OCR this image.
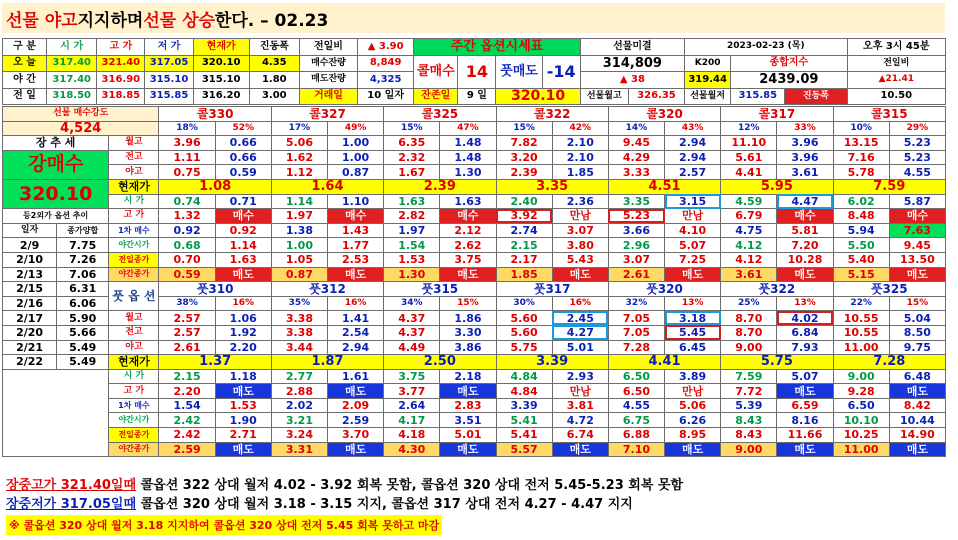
선물 야고 지지하며 선물 상승 한다. – 02.23
구 분	시 가	고 가	저 가	현재가	진동폭	전일비	▲ 3.90	주간 옵션시세표				선물미결		2023-02-23 (목)			오후 3시 45분
오 늘	317.40	321.40	317.05	320.10	4.35	매수잔량	8,849	콜매수	14	풋매도	-14	314,809		K200	종합지수		전일비
야 간	317.40	316.90	315.10	315.10	1.80	매도잔량	4,325					▲ 38		319.44	2439.09		▲21.41
전 일	318.50	318.85	315.85	316.20	3.00	거래일	10 일자	잔존일	9 일	320.10		선물월고	326.35	선물월저	315.85	진동폭	10.50
선물 매수강도			콜330		콜327		콜325		콜322		콜320		콜317		콜315	
4,524			18%	52%	17%	49%	15%	47%	15%	42%	14%	43%	12%	33%	10%	29%
장 추 세		월고	3.96	0.66	5.06	1.00	6.35	1.48	7.82	2.10	9.45	2.94	11.10	3.96	13.15	5.23
강매수		전고	1.11	0.66	1.62	1.00	2.32	1.48	3.20	2.10	4.29	2.94	5.61	3.96	7.16	5.23
		야고	0.75	0.59	1.12	0.87	1.67	1.30	2.39	1.85	3.33	2.57	4.41	3.61	5.78	4.55
320.10		현재가	1.08		1.64		2.39		3.35		4.51		5.95		7.59	
		시 가	0.74	0.71	1.14	1.10	1.63	1.63	2.40	2.36	3.35	3.15	4.59	4.47	6.02	5.87
등2외가 옵션 추이		고 가	1.32	매수	1.97	매수	2.82	매수	3.92	만남	5.23	만남	6.79	매수	8.48	매수
일자	종가양합	1차 매수	0.92	0.92	1.38	1.43	1.97	2.12	2.74	3.07	3.66	4.10	4.75	5.81	5.94	7.63
2/9	7.75	야간시가	0.68	1.14	1.00	1.77	1.54	2.62	2.15	3.80	2.96	5.07	4.12	7.20	5.50	9.45
2/10	7.26	전일종가	0.70	1.63	1.05	2.53	1.53	3.75	2.17	5.43	3.07	7.25	4.12	10.28	5.40	13.50
2/13	7.06	야간종가	0.59	매도	0.87	매도	1.30	매도	1.85	매도	2.61	매도	3.61	매도	5.15	매도
2/15	6.31	풋 옵 션	풋310		풋312		풋315		풋317		풋320		풋322		풋325	
2/16	6.06		38%	16%	35%	16%	34%	15%	30%	16%	32%	13%	25%	13%	22%	15%
2/17	5.90	월고	2.57	1.06	3.38	1.41	4.37	1.86	5.60	2.45	7.05	3.18	8.70	4.02	10.55	5.04
2/20	5.66	전고	2.57	1.92	3.38	2.54	4.37	3.30	5.60	4.27	7.05	5.45	8.70	6.84	10.55	8.50
2/21	5.49	야고	2.61	2.20	3.44	2.94	4.49	3.86	5.75	5.01	7.28	6.45	9.00	7.93	11.00	9.75
2/22	5.49	현재가	1.37		1.87		2.50		3.39		4.41		5.75		7.28	
		시 가	2.15	1.18	2.77	1.61	3.75	2.18	4.84	2.93	6.50	3.89	7.59	5.07	9.00	6.48
		고 가	2.20	매도	2.88	매도	3.77	매도	4.84	만남	6.50	만남	7.72	매도	9.28	매도
		1차 매수	1.54	1.53	2.02	2.09	2.64	2.83	3.39	3.81	4.55	5.06	5.39	6.59	6.50	8.42
		야간시가	2.42	1.90	3.21	2.59	4.17	3.51	5.41	4.72	6.75	6.26	8.43	8.16	10.10	10.44
		전일종가	2.42	2.71	3.24	3.70	4.18	5.01	5.41	6.74	6.88	8.95	8.43	11.66	10.25	14.90
		야간종가	2.59	매도	3.31	매도	4.30	매도	5.57	매도	7.10	매도	9.00	매도	11.00	매도
장중고가 321.40일때 콜옵션 322 상대 월저 4.02 - 3.92 회복 못함, 콜옵션 320 상대 전저 5.45-5.23 회복 못함
장중저가 317.05일때 콜옵션 320 상대 월저 3.18 - 3.15 지지, 콜옵션 317 상대 전저 4.27 - 4.47 지지
※ 콜옵션 320 상대 월저 3.18 지지하여 콜옵션 320 상대 전저 5.45 회복 못하고 마감
